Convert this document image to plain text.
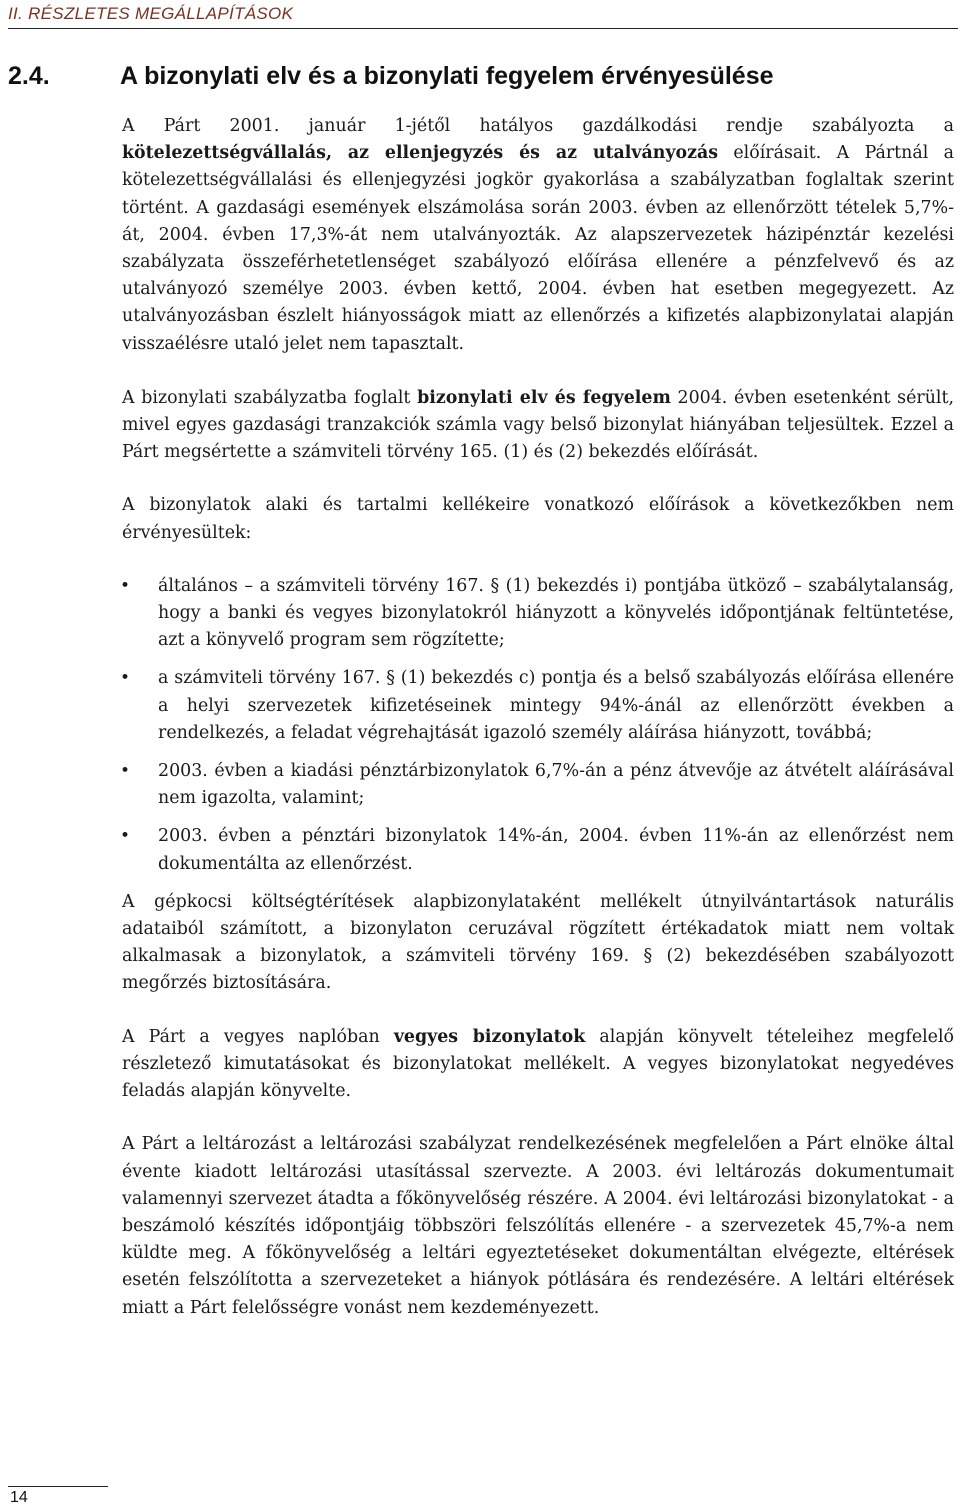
II. RÉSZLETES MEGÁLLAPÍTÁSOK
2.4.	A bizonylati elv és a bizonylati fegyelem érvényesülése

A Párt 2001. január 1-jétől hatályos gazdálkodási rendje szabályozta a kötelezettségvállalás, az ellenjegyzés és az utalványozás előírásait. A Pártnál a kötelezettségvállalási és ellenjegyzési jogkör gyakorlása a szabályzatban foglaltak szerint történt. A gazdasági események elszámolása során 2003. évben az ellenőrzött tételek 5,7%-át, 2004. évben 17,3%-át nem utalványozták. Az alapszervezetek házipénztár kezelési szabályzata összeférhetetlenséget szabályozó előírása ellenére a pénzfelvevő és az utalványozó személye 2003. évben kettő, 2004. évben hat esetben megegyezett. Az utalványozásban észlelt hiányosságok miatt az ellenőrzés a kifizetés alapbizonylatai alapján visszaélésre utaló jelet nem tapasztalt.

A bizonylati szabályzatba foglalt bizonylati elv és fegyelem 2004. évben esetenként sérült, mivel egyes gazdasági tranzakciók számla vagy belső bizonylat hiányában teljesültek. Ezzel a Párt megsértette a számviteli törvény 165. (1) és (2) bekezdés előírását.

A bizonylatok alaki és tartalmi kellékeire vonatkozó előírások a következőkben nem érvényesültek:

• általános – a számviteli törvény 167. § (1) bekezdés i) pontjába ütköző – szabálytalanság, hogy a banki és vegyes bizonylatokról hiányzott a könyvelés időpontjának feltüntetése, azt a könyvelő program sem rögzítette;
• a számviteli törvény 167. § (1) bekezdés c) pontja és a belső szabályozás előírása ellenére a helyi szervezetek kifizetéseinek mintegy 94%-ánál az ellenőrzött években a rendelkezés, a feladat végrehajtását igazoló személy aláírása hiányzott, továbbá;
• 2003. évben a kiadási pénztárbizonylatok 6,7%-án a pénz átvevője az átvételt aláírásával nem igazolta, valamint;
• 2003. évben a pénztári bizonylatok 14%-án, 2004. évben 11%-án az ellenőrzést nem dokumentálta az ellenőrzést.

A gépkocsi költségtérítések alapbizonylataként mellékelt útnyilvántartások naturális adataiból számított, a bizonylaton ceruzával rögzített értékadatok miatt nem voltak alkalmasak a bizonylatok, a számviteli törvény 169. § (2) bekezdésében szabályozott megőrzés biztosítására.

A Párt a vegyes naplóban vegyes bizonylatok alapján könyvelt tételeihez megfelelő részletező kimutatásokat és bizonylatokat mellékelt. A vegyes bizonylatokat negyedéves feladás alapján könyvelte.

A Párt a leltározást a leltározási szabályzat rendelkezésének megfelelően a Párt elnöke által évente kiadott leltározási utasítással szervezte. A 2003. évi leltározás dokumentumait valamennyi szervezet átadta a főkönyvelőség részére. A 2004. évi leltározási bizonylatokat - a beszámoló készítés időpontjáig többszöri felszólítás ellenére - a szervezetek 45,7%-a nem küldte meg. A főkönyvelőség a leltári egyeztetéseket dokumentáltan elvégezte, eltérések esetén felszólította a szervezeteket a hiányok pótlására és rendezésére. A leltári eltérések miatt a Párt felelősségre vonást nem kezdeményezett.

14
